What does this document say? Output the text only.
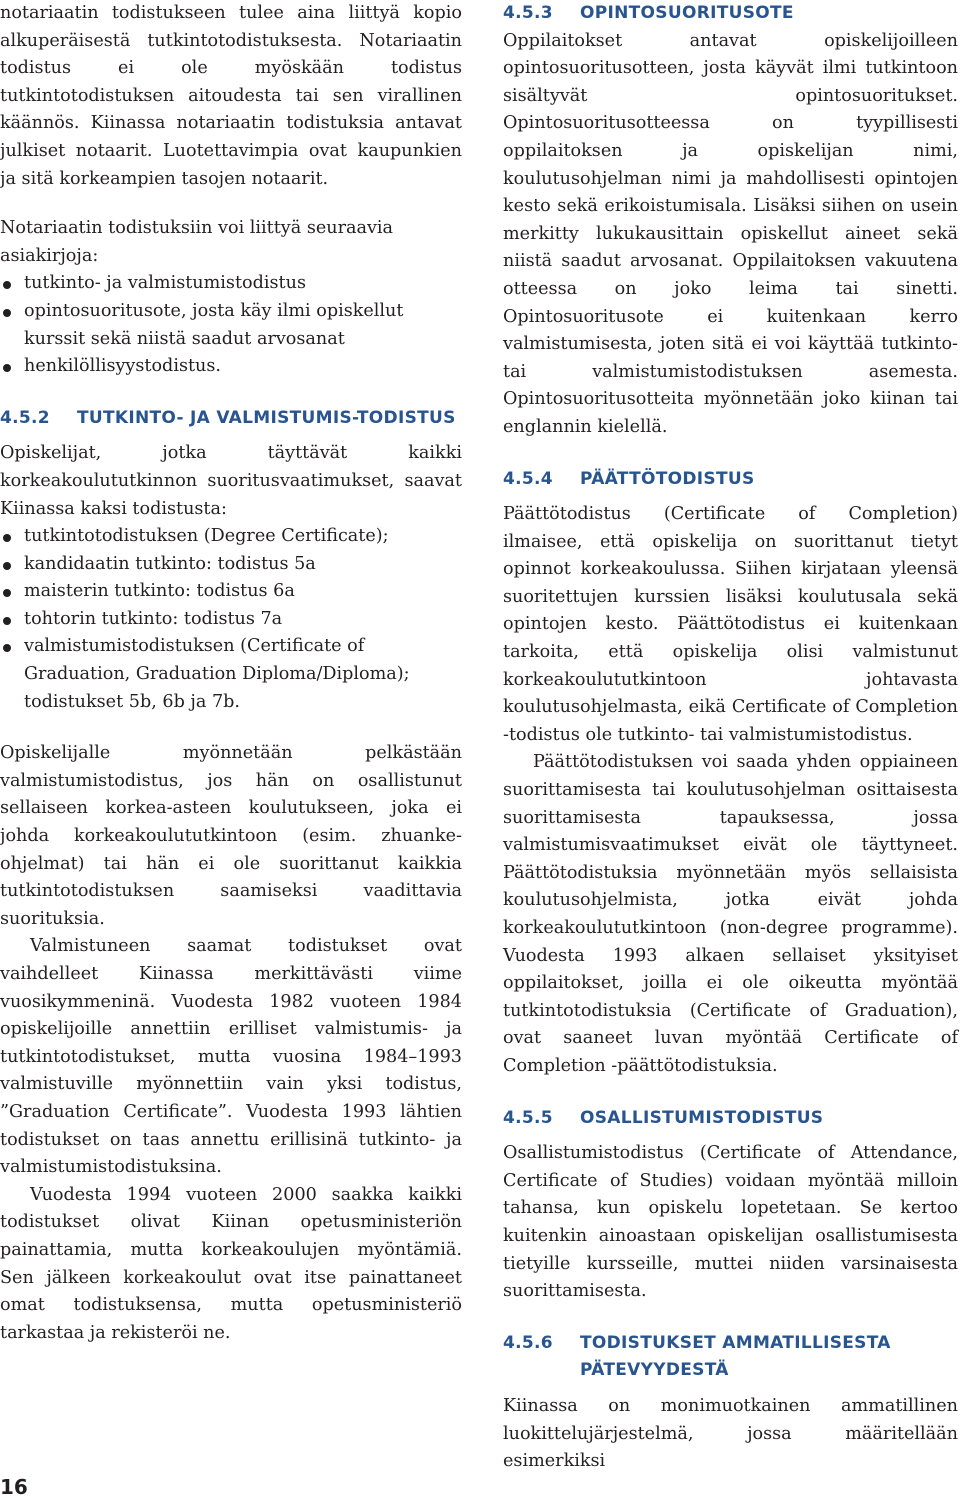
notariaatin todistukseen tulee aina liittyä kopio alkuperäisestä tutkintotodistuksesta. Notariaatin todistus ei ole myöskään todistus tutkintotodistuksen aitoudesta tai sen virallinen käännös. Kiinassa notariaatin todistuksia antavat julkiset notaarit. Luotettavimpia ovat kaupunkien ja sitä korkeampien tasojen notaarit.

Notariaatin todistuksiin voi liittyä seuraavia asiakirjoja:

tutkinto- ja valmistumistodistus
opintosuoritusote, josta käy ilmi opiskellut kurssit sekä niistä saadut arvosanat
henkilöllisyystodistus.
4.5.2	TUTKINTO- JA VALMISTUMIS-TODISTUS

Opiskelijat, jotka täyttävät kaikki korkeakoulututkinnon suoritusvaatimukset, saavat Kiinassa kaksi todistusta:

tutkintotodistuksen (Degree Certificate);
kandidaatin tutkinto: todistus 5a
maisterin tutkinto: todistus 6a
tohtorin tutkinto: todistus 7a
valmistumistodistuksen (Certificate of Graduation, Graduation Diploma/Diploma); todistukset 5b, 6b ja 7b.

Opiskelijalle myönnetään pelkästään valmistumistodistus, jos hän on osallistunut sellaiseen korkea-asteen koulutukseen, joka ei johda korkeakoulututkintoon (esim. zhuanke-ohjelmat) tai hän ei ole suorittanut kaikkia tutkintotodistuksen saamiseksi vaadittavia suorituksia.

Valmistuneen saamat todistukset ovat vaihdelleet Kiinassa merkittävästi viime vuosikymmeninä. Vuodesta 1982 vuoteen 1984 opiskelijoille annettiin erilliset valmistumis- ja tutkintotodistukset, mutta vuosina 1984–1993 valmistuville myönnettiin vain yksi todistus, ”Graduation Certificate”. Vuodesta 1993 lähtien todistukset on taas annettu erillisinä tutkinto- ja valmistumistodistuksina.

Vuodesta 1994 vuoteen 2000 saakka kaikki todistukset olivat Kiinan opetusministeriön painattamia, mutta korkeakoulujen myöntämiä. Sen jälkeen korkeakoulut ovat itse painattaneet omat todistuksensa, mutta opetusministeriö tarkastaa ja rekisteröi ne.

4.5.3	OPINTOSUORITUSOTE

Oppilaitokset antavat opiskelijoilleen opintosuoritusotteen, josta käyvät ilmi tutkintoon sisältyvät opintosuoritukset. Opintosuoritusotteessa on tyypillisesti oppilaitoksen ja opiskelijan nimi, koulutusohjelman nimi ja mahdollisesti opintojen kesto sekä erikoistumisala. Lisäksi siihen on usein merkitty lukukausittain opiskellut aineet sekä niistä saadut arvosanat. Oppilaitoksen vakuutena otteessa on joko leima tai sinetti. Opintosuoritusote ei kuitenkaan kerro valmistumisesta, joten sitä ei voi käyttää tutkinto- tai valmistumistodistuksen asemesta. Opintosuoritusotteita myönnetään joko kiinan tai englannin kielellä.

4.5.4	PÄÄTTÖTODISTUS

Päättötodistus (Certificate of Completion) ilmaisee, että opiskelija on suorittanut tietyt opinnot korkeakoulussa. Siihen kirjataan yleensä suoritettujen kurssien lisäksi koulutusala sekä opintojen kesto. Päättötodistus ei kuitenkaan tarkoita, että opiskelija olisi valmistunut korkeakoulututkintoon johtavasta koulutusohjelmasta, eikä Certificate of Completion -todistus ole tutkinto- tai valmistumistodistus.

Päättötodistuksen voi saada yhden oppiaineen suorittamisesta tai koulutusohjelman osittaisesta suorittamisesta tapauksessa, jossa valmistumisvaatimukset eivät ole täyttyneet. Päättötodistuksia myönnetään myös sellaisista koulutusohjelmista, jotka eivät johda korkeakoulututkintoon (non-degree programme). Vuodesta 1993 alkaen sellaiset yksityiset oppilaitokset, joilla ei ole oikeutta myöntää tutkintotodistuksia (Certificate of Graduation), ovat saaneet luvan myöntää Certificate of Completion -päättötodistuksia.

4.5.5	OSALLISTUMISTODISTUS

Osallistumistodistus (Certificate of Attendance, Certificate of Studies) voidaan myöntää milloin tahansa, kun opiskelu lopetetaan. Se kertoo kuitenkin ainoastaan opiskelijan osallistumisesta tietyille kursseille, muttei niiden varsinaisesta suorittamisesta.

4.5.6	TODISTUKSET AMMATILLISESTA PÄTEVYYDESTÄ

Kiinassa on monimuotkainen ammatillinen luokittelujärjestelmä, jossa määritellään esimerkiksi

16
